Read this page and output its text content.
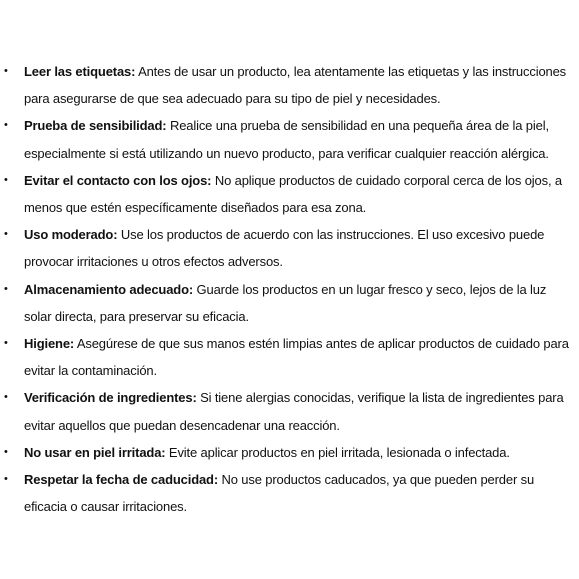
• Leer las etiquetas: Antes de usar un producto, lea atentamente las etiquetas y las instrucciones para asegurarse de que sea adecuado para su tipo de piel y necesidades.
• Prueba de sensibilidad: Realice una prueba de sensibilidad en una pequeña área de la piel, especialmente si está utilizando un nuevo producto, para verificar cualquier reacción alérgica.
• Evitar el contacto con los ojos: No aplique productos de cuidado corporal cerca de los ojos, a menos que estén específicamente diseñados para esa zona.
• Uso moderado: Use los productos de acuerdo con las instrucciones. El uso excesivo puede provocar irritaciones u otros efectos adversos.
• Almacenamiento adecuado: Guarde los productos en un lugar fresco y seco, lejos de la luz solar directa, para preservar su eficacia.
• Higiene: Asegúrese de que sus manos estén limpias antes de aplicar productos de cuidado para evitar la contaminación.
• Verificación de ingredientes: Si tiene alergias conocidas, verifique la lista de ingredientes para evitar aquellos que puedan desencadenar una reacción.
• No usar en piel irritada: Evite aplicar productos en piel irritada, lesionada o infectada.
• Respetar la fecha de caducidad: No use productos caducados, ya que pueden perder su eficacia o causar irritaciones.
